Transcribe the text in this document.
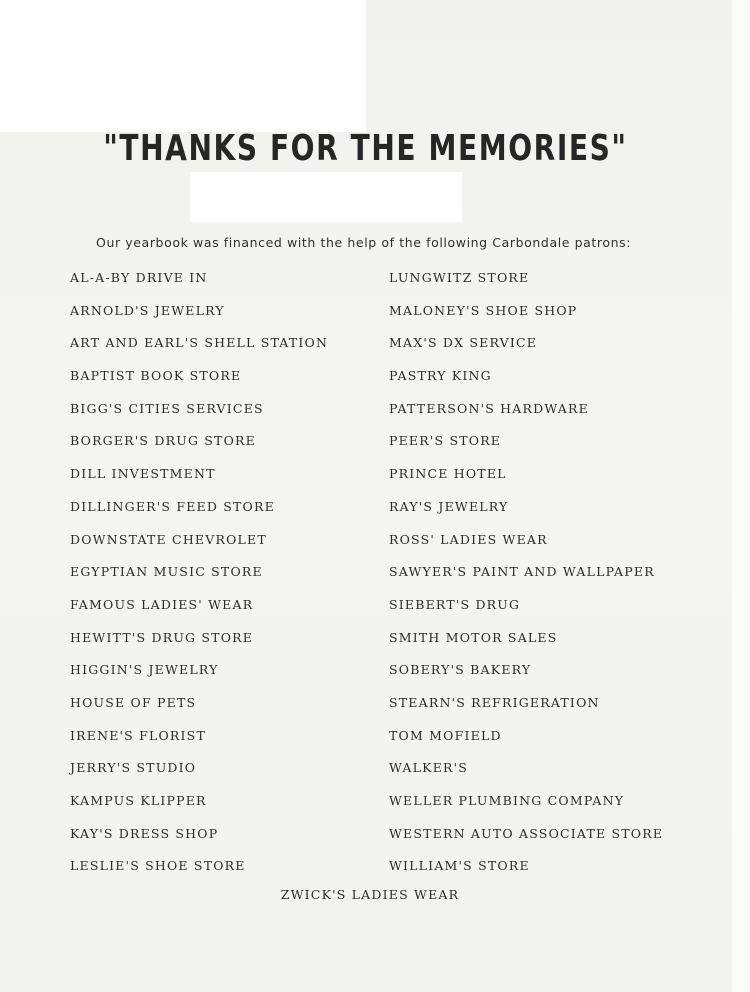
"THANKS FOR THE MEMORIES"
Our yearbook was financed with the help of the following Carbondale patrons:
AL-A-BY DRIVE IN
ARNOLD'S JEWELRY
ART AND EARL'S SHELL STATION
BAPTIST BOOK STORE
BIGG'S CITIES SERVICES
BORGER'S DRUG STORE
DILL INVESTMENT
DILLINGER'S FEED STORE
DOWNSTATE CHEVROLET
EGYPTIAN MUSIC STORE
FAMOUS LADIES' WEAR
HEWITT'S DRUG STORE
HIGGIN'S JEWELRY
HOUSE OF PETS
IRENE'S FLORIST
JERRY'S STUDIO
KAMPUS KLIPPER
KAY'S DRESS SHOP
LESLIE'S SHOE STORE
LUNGWITZ STORE
MALONEY'S SHOE SHOP
MAX'S DX SERVICE
PASTRY KING
PATTERSON'S HARDWARE
PEER'S STORE
PRINCE HOTEL
RAY'S JEWELRY
ROSS' LADIES WEAR
SAWYER'S PAINT AND WALLPAPER
SIEBERT'S DRUG
SMITH MOTOR SALES
SOBERY'S BAKERY
STEARN'S REFRIGERATION
TOM MOFIELD
WALKER'S
WELLER PLUMBING COMPANY
WESTERN AUTO ASSOCIATE STORE
WILLIAM'S STORE
ZWICK'S LADIES WEAR
